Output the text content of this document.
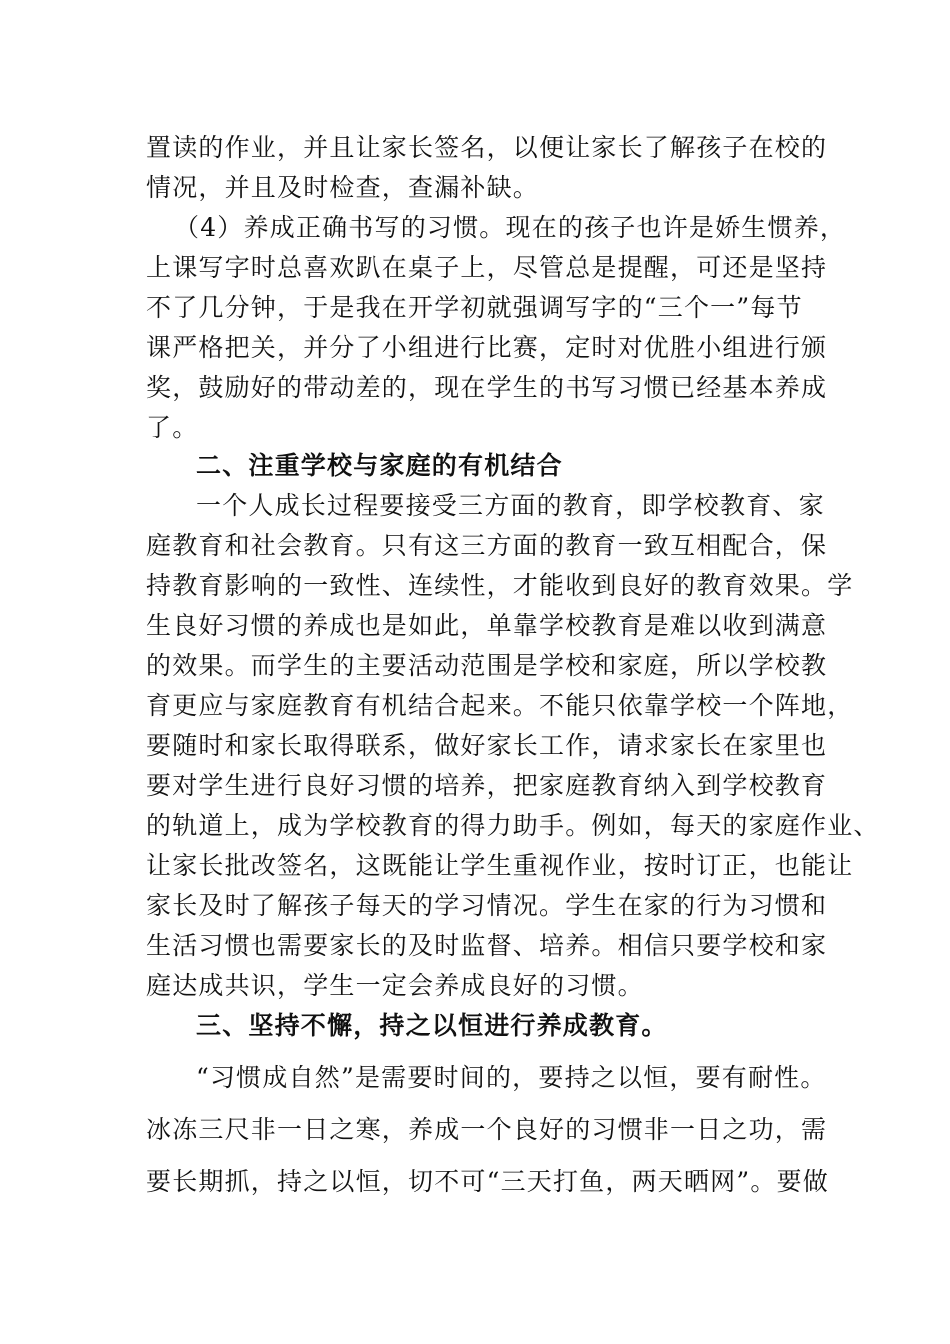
置读的作业，并且让家长签名，以便让家长了解孩子在校的
情况，并且及时检查，查漏补缺。
（4）养成正确书写的习惯。现在的孩子也许是娇生惯养，
上课写字时总喜欢趴在桌子上，尽管总是提醒，可还是坚持
不了几分钟，于是我在开学初就强调写字的“三个一”每节
课严格把关，并分了小组进行比赛，定时对优胜小组进行颁
奖，鼓励好的带动差的，现在学生的书写习惯已经基本养成
了。
二、注重学校与家庭的有机结合
一个人成长过程要接受三方面的教育，即学校教育、家
庭教育和社会教育。只有这三方面的教育一致互相配合，保
持教育影响的一致性、连续性，才能收到良好的教育效果。学
生良好习惯的养成也是如此，单靠学校教育是难以收到满意
的效果。而学生的主要活动范围是学校和家庭，所以学校教
育更应与家庭教育有机结合起来。不能只依靠学校一个阵地，
要随时和家长取得联系，做好家长工作，请求家长在家里也
要对学生进行良好习惯的培养，把家庭教育纳入到学校教育
的轨道上，成为学校教育的得力助手。例如，每天的家庭作业、
让家长批改签名，这既能让学生重视作业，按时订正，也能让
家长及时了解孩子每天的学习情况。学生在家的行为习惯和
生活习惯也需要家长的及时监督、培养。相信只要学校和家
庭达成共识，学生一定会养成良好的习惯。
三、坚持不懈，持之以恒进行养成教育。
“习惯成自然”是需要时间的，要持之以恒，要有耐性。
冰冻三尺非一日之寒，养成一个良好的习惯非一日之功，需
要长期抓，持之以恒，切不可“三天打鱼，两天晒网”。要做
